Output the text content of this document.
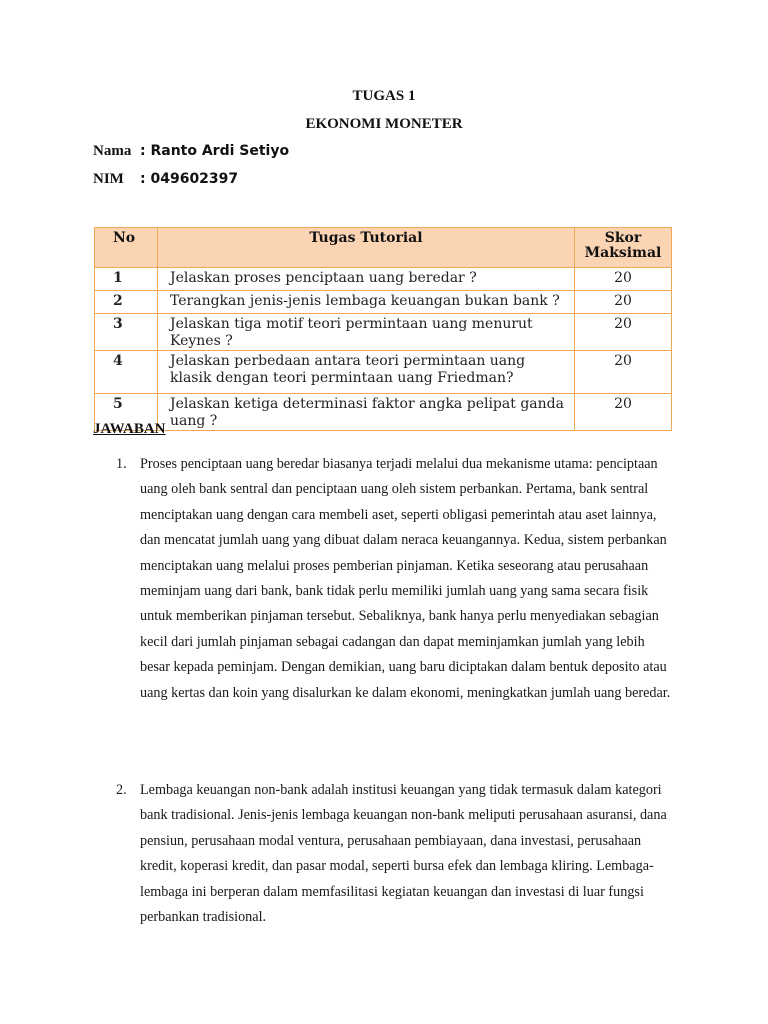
TUGAS 1
EKONOMI MONETER
Nama : Ranto Ardi Setiyo
NIM	: 049602397
No	Tugas Tutorial	Skor Maksimal
1	Jelaskan proses penciptaan uang beredar ?	20
2	Terangkan jenis-jenis lembaga keuangan bukan bank ?	20
3	Jelaskan tiga motif teori permintaan uang menurut Keynes ?	20
4	Jelaskan perbedaan antara teori permintaan uang klasik dengan teori permintaan uang Friedman?	20
5	Jelaskan ketiga determinasi faktor angka pelipat ganda uang ?	20
JAWABAN
1. Proses penciptaan uang beredar biasanya terjadi melalui dua mekanisme utama: penciptaan uang oleh bank sentral dan penciptaan uang oleh sistem perbankan. Pertama, bank sentral menciptakan uang dengan cara membeli aset, seperti obligasi pemerintah atau aset lainnya, dan mencatat jumlah uang yang dibuat dalam neraca keuangannya. Kedua, sistem perbankan menciptakan uang melalui proses pemberian pinjaman. Ketika seseorang atau perusahaan meminjam uang dari bank, bank tidak perlu memiliki jumlah uang yang sama secara fisik untuk memberikan pinjaman tersebut. Sebaliknya, bank hanya perlu menyediakan sebagian kecil dari jumlah pinjaman sebagai cadangan dan dapat meminjamkan jumlah yang lebih besar kepada peminjam. Dengan demikian, uang baru diciptakan dalam bentuk deposito atau uang kertas dan koin yang disalurkan ke dalam ekonomi, meningkatkan jumlah uang beredar.
2. Lembaga keuangan non-bank adalah institusi keuangan yang tidak termasuk dalam kategori bank tradisional. Jenis-jenis lembaga keuangan non-bank meliputi perusahaan asuransi, dana pensiun, perusahaan modal ventura, perusahaan pembiayaan, dana investasi, perusahaan kredit, koperasi kredit, dan pasar modal, seperti bursa efek dan lembaga kliring. Lembaga-lembaga ini berperan dalam memfasilitasi kegiatan keuangan dan investasi di luar fungsi perbankan tradisional.
